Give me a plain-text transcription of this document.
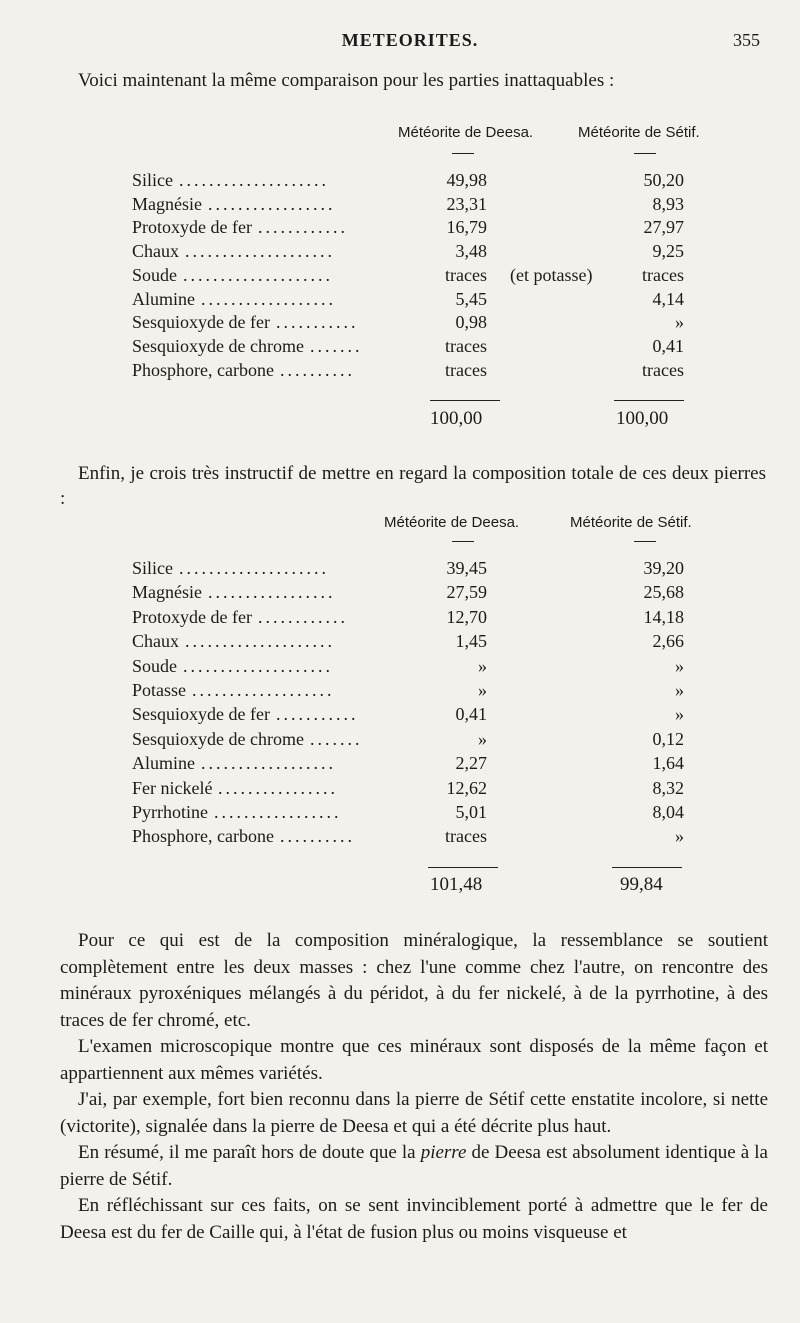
METEORITES.	355
Voici maintenant la même comparaison pour les parties inattaquables :
Météorite de Deesa.	Météorite de Sétif.
Silice ....................	49,98	50,20
Magnésie .................	23,31	8,93
Protoxyde de fer ............	16,79	27,97
Chaux ....................	3,48	9,25
Soude ....................	traces (et potasse)	traces
Alumine ..................	5,45	4,14
Sesquioxyde de fer ...........	0,98	»
Sesquioxyde de chrome .......	traces	0,41
Phosphore, carbone ..........	traces	traces
100,00	100,00
Enfin, je crois très instructif de mettre en regard la composition totale de ces deux pierres :
Météorite de Deesa.	Météorite de Sétif.
Silice ....................	39,45	39,20
Magnésie .................	27,59	25,68
Protoxyde de fer ............	12,70	14,18
Chaux ....................	1,45	2,66
Soude ....................	»	»
Potasse ...................	»	»
Sesquioxyde de fer ...........	0,41	»
Sesquioxyde de chrome .......	»	0,12
Alumine ..................	2,27	1,64
Fer nickelé ................	12,62	8,32
Pyrrhotine .................	5,01	8,04
Phosphore, carbone ..........	traces	»
101,48	99,84

Pour ce qui est de la composition minéralogique, la ressemblance se soutient complètement entre les deux masses : chez l'une comme chez l'autre, on rencontre des minéraux pyroxéniques mélangés à du péridot, à du fer nickelé, à de la pyrrhotine, à des traces de fer chromé, etc.

L'examen microscopique montre que ces minéraux sont disposés de la même façon et appartiennent aux mêmes variétés.

J'ai, par exemple, fort bien reconnu dans la pierre de Sétif cette enstatite incolore, si nette (victorite), signalée dans la pierre de Deesa et qui a été décrite plus haut.

En résumé, il me paraît hors de doute que la pierre de Deesa est absolument identique à la pierre de Sétif.

En réfléchissant sur ces faits, on se sent invinciblement porté à admettre que le fer de Deesa est du fer de Caille qui, à l'état de fusion plus ou moins visqueuse et
